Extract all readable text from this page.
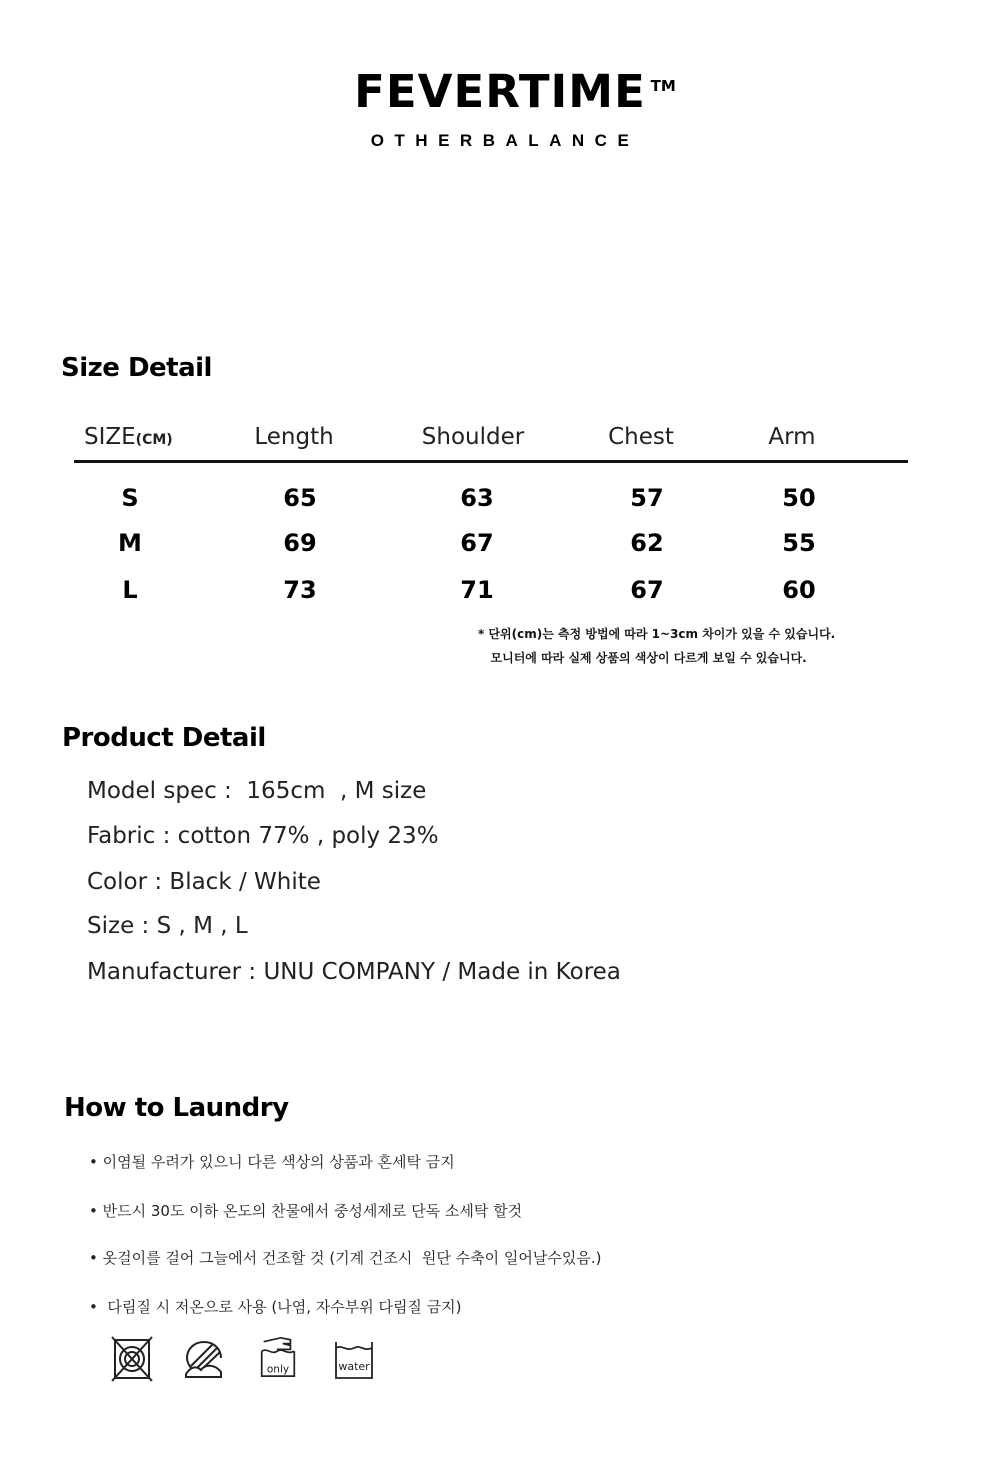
FEVERTIME TM
OTHERBALANCE
Size Detail
SIZE(CM)	Length	Shoulder	Chest	Arm
S	65	63	57	50
M	69	67	62	55
L	73	71	67	60
* 단위(cm)는 측정 방법에 따라 1~3cm 차이가 있을 수 있습니다.
모니터에 따라 실제 상품의 색상이 다르게 보일 수 있습니다.
Product Detail
Model spec :  165cm  , M size
Fabric : cotton 77% , poly 23%
Color : Black / White
Size : S , M , L
Manufacturer : UNU COMPANY / Made in Korea
How to Laundry
• 이염될 우려가 있으니 다른 색상의 상품과 혼세탁 금지
• 반드시 30도 이하 온도의 찬물에서 중성세제로 단독 소세탁 할것
• 옷걸이를 걸어 그늘에서 건조할 것 (기계 건조시  원단 수축이 일어날수있음.)
•  다림질 시 저온으로 사용 (나염, 자수부위 다림질 금지)
only	water
